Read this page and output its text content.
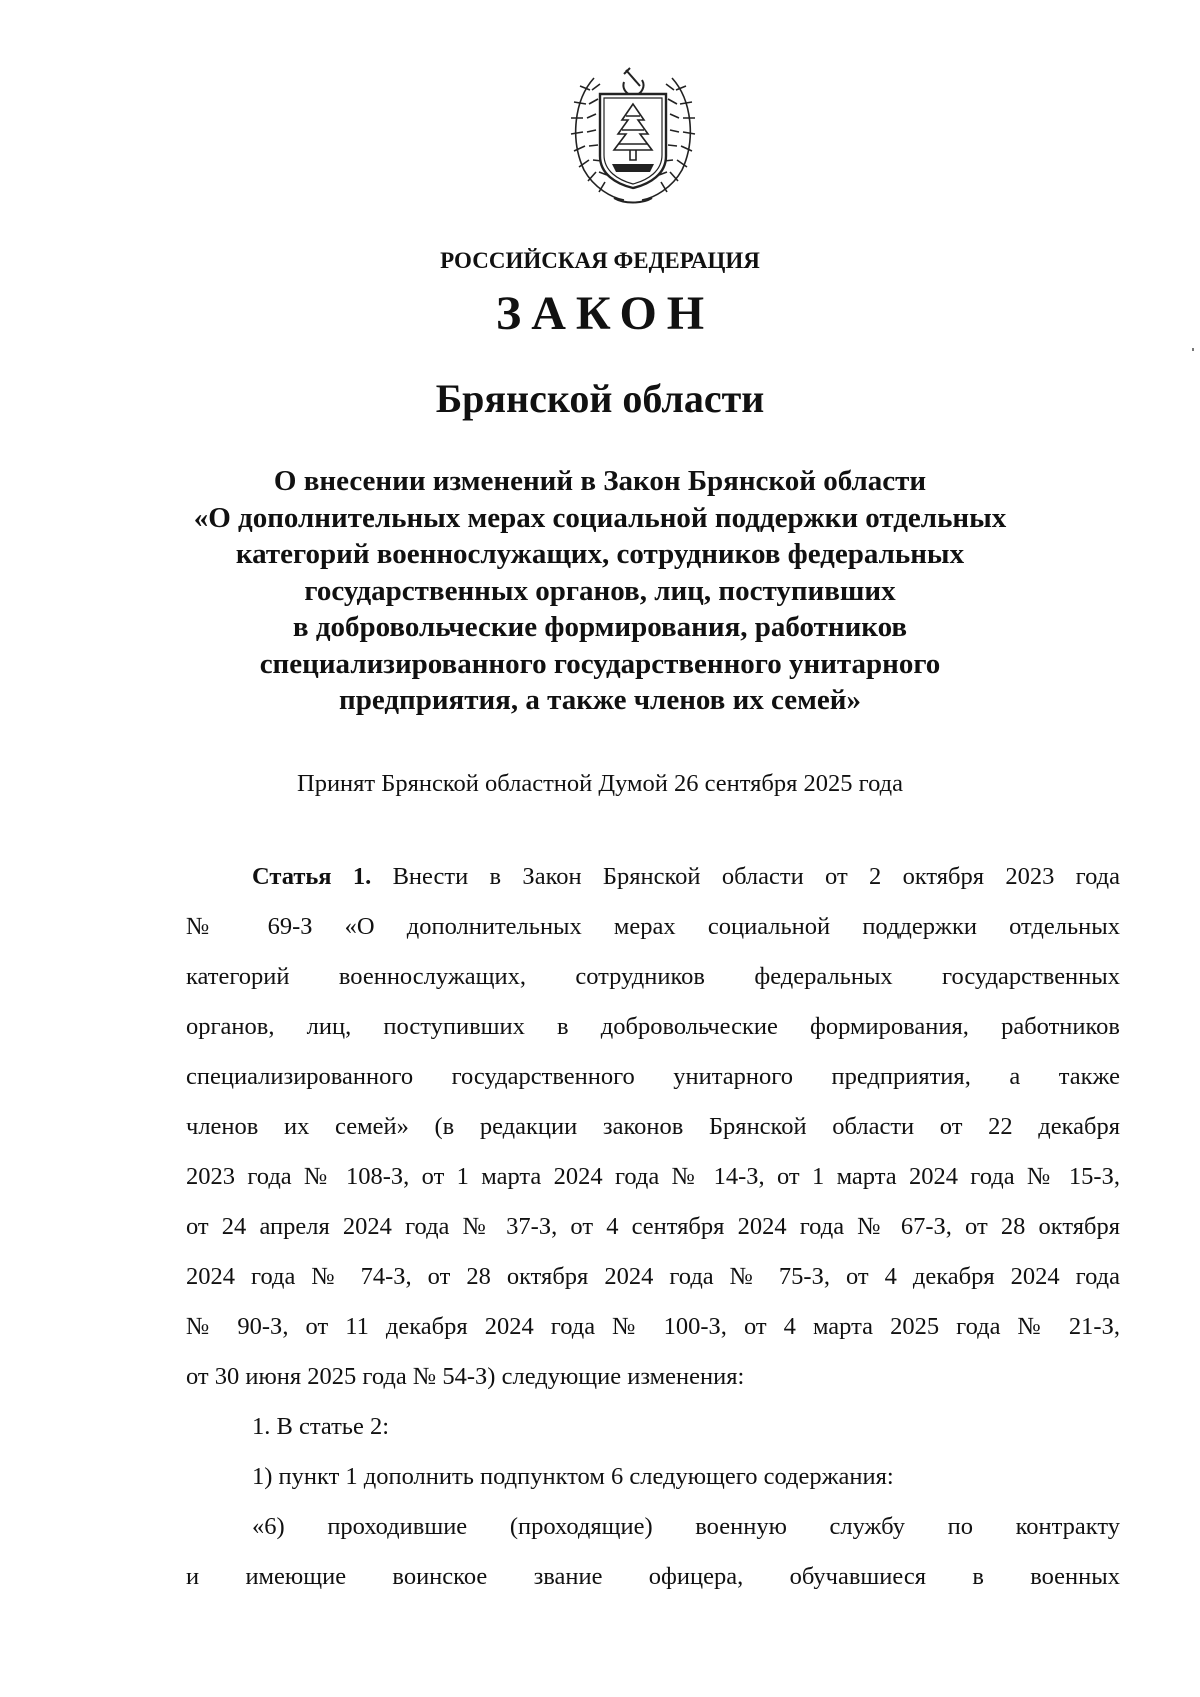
РОССИЙСКАЯ ФЕДЕРАЦИЯ
ЗАКОН
Брянской области
О внесении изменений в Закон Брянской области
«О дополнительных мерах социальной поддержки отдельных
категорий военнослужащих, сотрудников федеральных
государственных органов, лиц, поступивших
в добровольческие формирования, работников
специализированного государственного унитарного
предприятия, а также членов их семей»
Принят Брянской областной Думой 26 сентября 2025 года
Статья 1. Внести в Закон Брянской области от 2 октября 2023 года
№ 69-З «О дополнительных мерах социальной поддержки отдельных
категорий военнослужащих, сотрудников федеральных государственных
органов, лиц, поступивших в добровольческие формирования, работников
специализированного государственного унитарного предприятия, а также
членов их семей» (в редакции законов Брянской области от 22 декабря
2023 года № 108-З, от 1 марта 2024 года № 14-З, от 1 марта 2024 года № 15-З,
от 24 апреля 2024 года № 37-З, от 4 сентября 2024 года № 67-З, от 28 октября
2024 года № 74-З, от 28 октября 2024 года № 75-З, от 4 декабря 2024 года
№ 90-З, от 11 декабря 2024 года № 100-З, от 4 марта 2025 года № 21-З,
от 30 июня 2025 года № 54-З) следующие изменения:
1. В статье 2:
1) пункт 1 дополнить подпунктом 6 следующего содержания:
«6) проходившие (проходящие) военную службу по контракту
и имеющие воинское звание офицера, обучавшиеся в военных
